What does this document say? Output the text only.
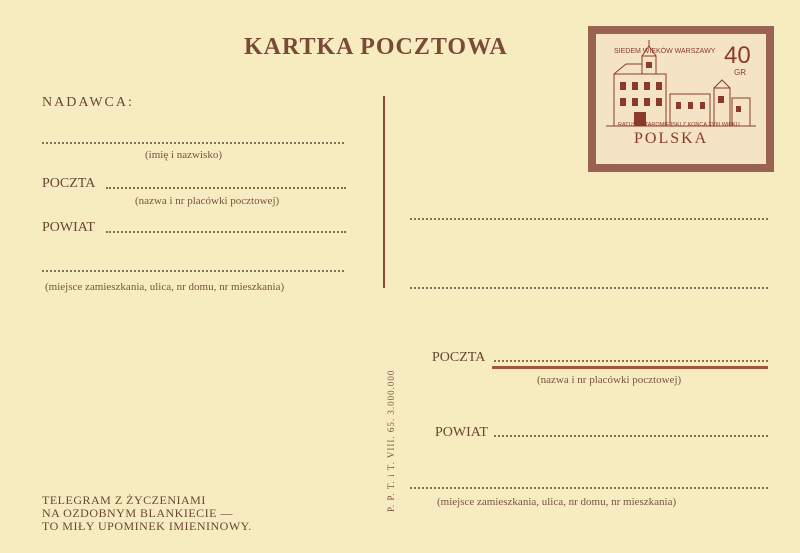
KARTKA POCZTOWA
NADAWCA:
(imię i nazwisko)
POCZTA
(nazwa i nr placówki pocztowej)
POWIAT
(miejsce zamieszkania, ulica, nr domu, nr mieszkania)
P. P. T. i T. VIII. 65. 3.000.000
TELEGRAM Z ŻYCZENIAMI
NA OZDOBNYM BLANKIECIE —
TO MIŁY UPOMINEK IMIENINOWY.
POCZTA
(nazwa i nr placówki pocztowej)
POWIAT
(miejsce zamieszkania, ulica, nr domu, nr mieszkania)
SIEDEM WIEKÓW WARSZAWY 40
GR
RATUSZ STAROMIEJSKI Z KOŃCA XVIII WIEKU
POLSKA
